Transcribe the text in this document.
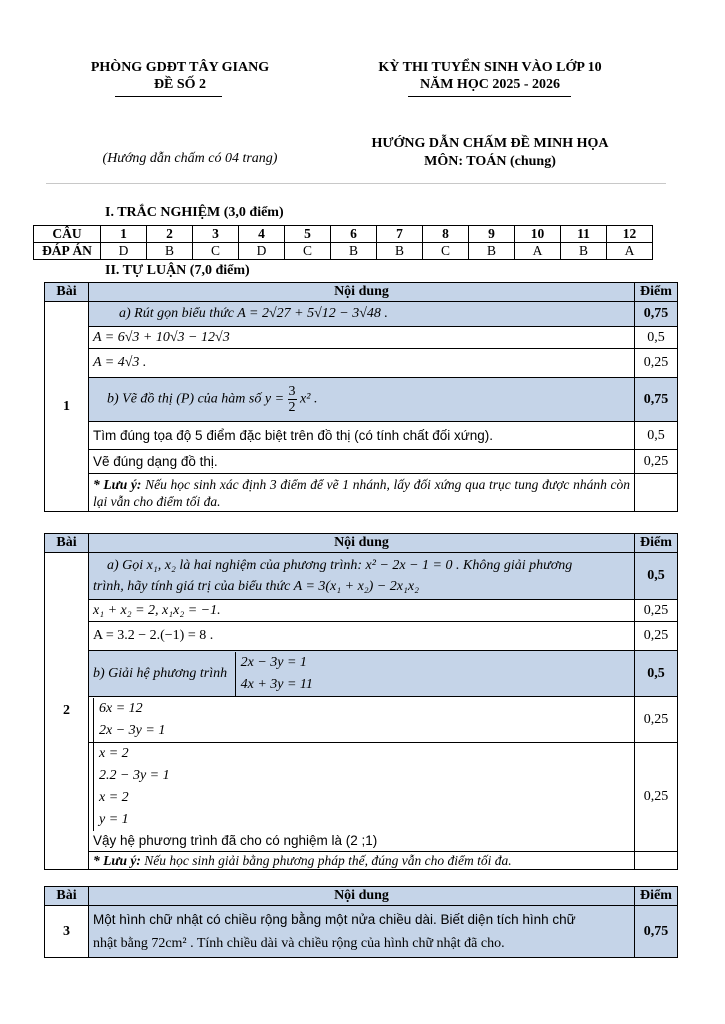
PHÒNG GDĐT TÂY GIANG
ĐỀ SỐ 2
KỲ THI TUYỂN SINH VÀO LỚP 10
NĂM HỌC 2025 - 2026
HƯỚNG DẪN CHẤM ĐỀ MINH HỌA
MÔN: TOÁN (chung)
(Hướng dẫn chấm có 04 trang)
I. TRẮC NGHIỆM (3,0 điểm)
CÂU	1	2	3	4	5	6	7	8	9	10	11	12
ĐÁP ÁN	D	B	C	D	C	B	B	C	B	A	B	A
II. TỰ LUẬN (7,0 điểm)
Bài	Nội dung	Điểm
1	a) Rút gọn biểu thức A = 2√27 + 5√12 − 3√48 .	0,75
	A = 6√3 + 10√3 − 12√3	0,5
	A = 4√3 .	0,25
	b) Vẽ đồ thị (P) của hàm số $y = \frac{3}{2} x^2$ .	0,75
	Tìm đúng tọa độ 5 điểm đặc biệt trên đồ thị (có tính chất đối xứng).	0,5
	Vẽ đúng dạng đồ thị.	0,25
	* Lưu ý: Nếu học sinh xác định 3 điểm để vẽ 1 nhánh, lấy đối xứng qua trục tung được nhánh còn lại vẫn cho điểm tối đa.	
Bài	Nội dung	Điểm
2	a) Gọi x₁, x₂ là hai nghiệm của phương trình: x² − 2x − 1 = 0 . Không giải phương
trình, hãy tính giá trị của biểu thức A = 3(x₁ + x₂) − 2x₁x₂	0,5
	x₁ + x₂ = 2, x₁x₂ = −1.	0,25
	A = 3.2 − 2.(−1) = 8 .	0,25
	b) Giải hệ phương trình
2x − 3y = 1
4x + 3y = 11	0,5

	6x = 12
2x − 3y = 1	0,25

	x = 2
2.2 − 3y = 1

x = 2
y = 1
Vậy hệ phương trình đã cho có nghiệm là (2 ;1)	0,25
	* Lưu ý: Nếu học sinh giải bằng phương pháp thế, đúng vẫn cho điểm tối đa.	
Bài	Nội dung	Điểm
3	Một hình chữ nhật có chiều rộng bằng một nửa chiều dài. Biết diện tích hình chữ
nhật bằng 72cm² . Tính chiều dài và chiều rộng của hình chữ nhật đã cho.	0,75
